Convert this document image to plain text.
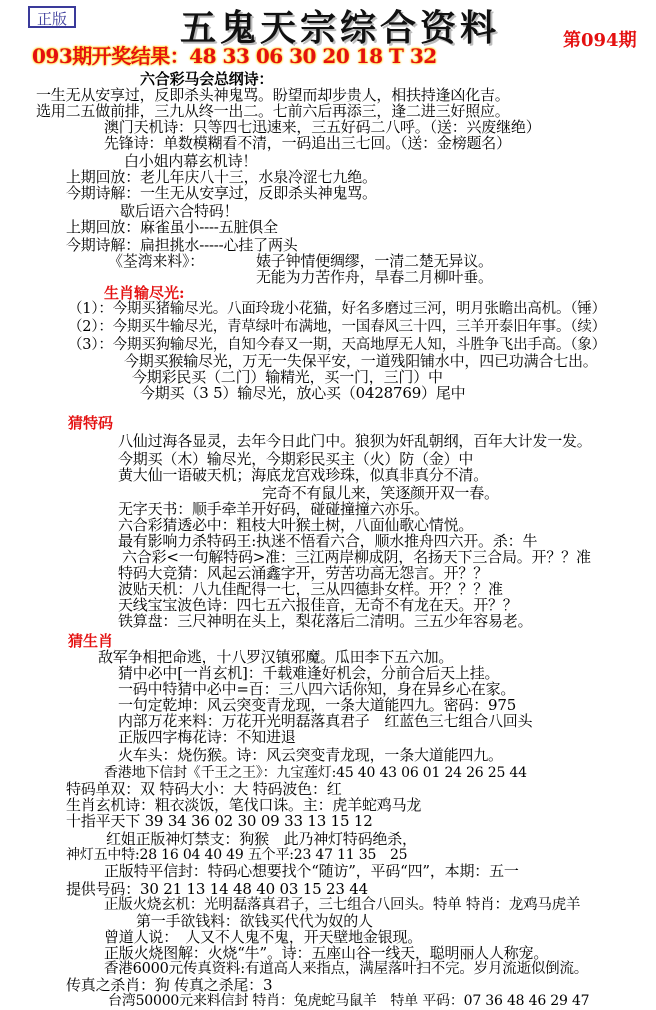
正版	五鬼天宗综合资料	第094期
093期开奖结果：48 33 06 30 20 18 T 32
六合彩马会总纲诗：
一生无从安享过，反即杀头神鬼骂。盼望而却步贵人，相扶持逢凶化吉。
选用二五做前排，三九从终一出二。七前六后再添三，逢二进三好照应。
澳门天机诗：只等四七迅速来，三五好码二八呼。（送：兴废继绝）
先锋诗：单数模糊看不清，一码追出三七回。（送：金榜题名）
白小姐内幕玄机诗！
上期回放：老儿年庆八十三，水泉冷涩七九绝。
今期诗解：一生无从安享过，反即杀头神鬼骂。
歇后语六合特码！
上期回放：麻雀虽小----五脏俱全
今期诗解：扁担挑水-----心挂了两头
《荃湾来料》：	婊子钟情便绸缪，一清二楚无异议。
无能为力苦作舟，旱春二月柳叶垂。
生肖输尽光:
（1）：今期买猪输尽光。八面玲珑小花猫，好名多磨过三河，明月张瞻出高机。（锤）
（2）：今期买牛输尽光，青草绿叶布满地，一国春风三十四，三羊开泰旧年事。（续）
（3）：今期买狗输尽光，自知今春又一期，天高地厚无人知，斗胜争飞出手高。（象）
今期买猴输尽光，万无一失保平安，一道残阳铺水中，四已功满合七出。
今期彩民买（二门）输精光，买一门，三门）中
今期买（3 5）输尽光，放心买（0428769）尾中
猜特码
八仙过海各显灵，去年今日此门中。狼狈为奸乱朝纲，百年大计发一发。
今期买（木）输尽光，今期彩民买主（火）防（金）中
黄大仙一语破天机；海底龙宫戏珍珠，似真非真分不清。
完奇不有鼠儿来，笑逐颜开双一春。
无字天书：顺手牵羊开好码，碰碰撞撞六亦乐。
六合彩猜透必中：粗枝大叶猴土树，八面仙歌心情悦。
最有影响力杀特码王:执迷不悟看六合，顺水推舟四六开。杀：牛
六合彩<一句解特码>准：三江两岸柳成阴，名扬天下三合局。开？？准
特码大竞猜：风起云涌鑫字开，劳苦功高无怨言。开？？
波贴天机：八九佳配得一七，三从四德卦女样。开？？？准
天线宝宝波色诗：四七五六报佳音，无奇不有龙在天。开？？
铁算盘：三尺神明在头上，梨花落后二清明。三五少年容易老。
猜生肖
敌军争相把命逃，十八罗汉镇邪魔。瓜田李下五六加。
猜中必中[一肖玄机]：千载难逢好机会，分前合后天上挂。
一码中特猜中必中=百：三八四六话你知，身在异乡心在家。
一句定乾坤：风云突变青龙现，一条大道能四九。密码：975
内部万花来料：万花开光明磊落真君子　红蓝色三七组合八回头
正版四字梅花诗：不知进退
火车头：烧伤猴。诗：风云突变青龙现，一条大道能四九。
香港地下信封《千王之王》：九宝莲灯:45 40 43 06 01 24 26 25 44
特码单双：双 特码大小：大 特码波色：红
生肖玄机诗：粗衣淡饭，笔伐口诛。主：虎羊蛇鸡马龙
十指平天下 39 34 36 02 30 09 33 13 15 12
红姐正版神灯禁支：狗猴　此乃神灯特码绝杀，
神灯五中特:28 16 04 40 49 五个平:23 47 11 35　25
正版特平信封：特码心想要找个“随访”，平码“四”，本期：五一
提供号码：30 21 13 14 48 40 03 15 23 44
正版火烧玄机：光明磊落真君子，三七组合八回头。特单 特肖：龙鸡马虎羊
第一手欲钱料：欲钱买代代为奴的人
曾道人说：　人又不人鬼不鬼，开天壁地金银现。
正版火烧图解：火烧“牛”。诗：五座山谷一线天，聪明丽人人称宠。
香港6000元传真资料:有道高人来指点，满屋落叶扫不完。岁月流逝似倒流。
传真之杀肖：狗 传真之杀尾：3
台湾50000元来料信封 特肖：兔虎蛇马鼠羊　特单 平码：07 36 48 46 29 47
